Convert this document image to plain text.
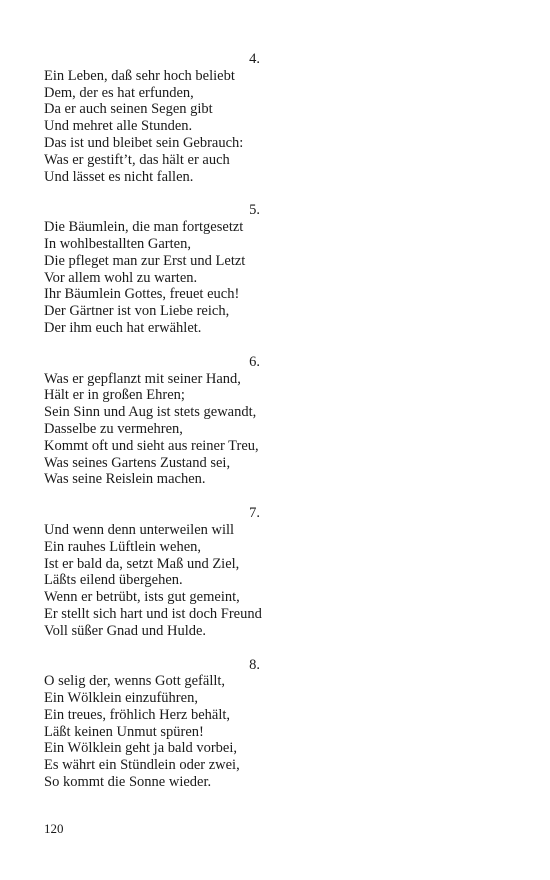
4.
Ein Leben, daß sehr hoch beliebt
Dem, der es hat erfunden,
Da er auch seinen Segen gibt
Und mehret alle Stunden.
Das ist und bleibet sein Gebrauch:
Was er gestift’t, das hält er auch
Und lässet es nicht fallen.
5.
Die Bäumlein, die man fortgesetzt
In wohlbestallten Garten,
Die pfleget man zur Erst und Letzt
Vor allem wohl zu warten.
Ihr Bäumlein Gottes, freuet euch!
Der Gärtner ist von Liebe reich,
Der ihm euch hat erwählet.
6.
Was er gepflanzt mit seiner Hand,
Hält er in großen Ehren;
Sein Sinn und Aug ist stets gewandt,
Dasselbe zu vermehren,
Kommt oft und sieht aus reiner Treu,
Was seines Gartens Zustand sei,
Was seine Reislein machen.
7.
Und wenn denn unterweilen will
Ein rauhes Lüftlein wehen,
Ist er bald da, setzt Maß und Ziel,
Läßts eilend übergehen.
Wenn er betrübt, ists gut gemeint,
Er stellt sich hart und ist doch Freund
Voll süßer Gnad und Hulde.
8.
O selig der, wenns Gott gefällt,
Ein Wölklein einzuführen,
Ein treues, fröhlich Herz behält,
Läßt keinen Unmut spüren!
Ein Wölklein geht ja bald vorbei,
Es währt ein Stündlein oder zwei,
So kommt die Sonne wieder.
120
